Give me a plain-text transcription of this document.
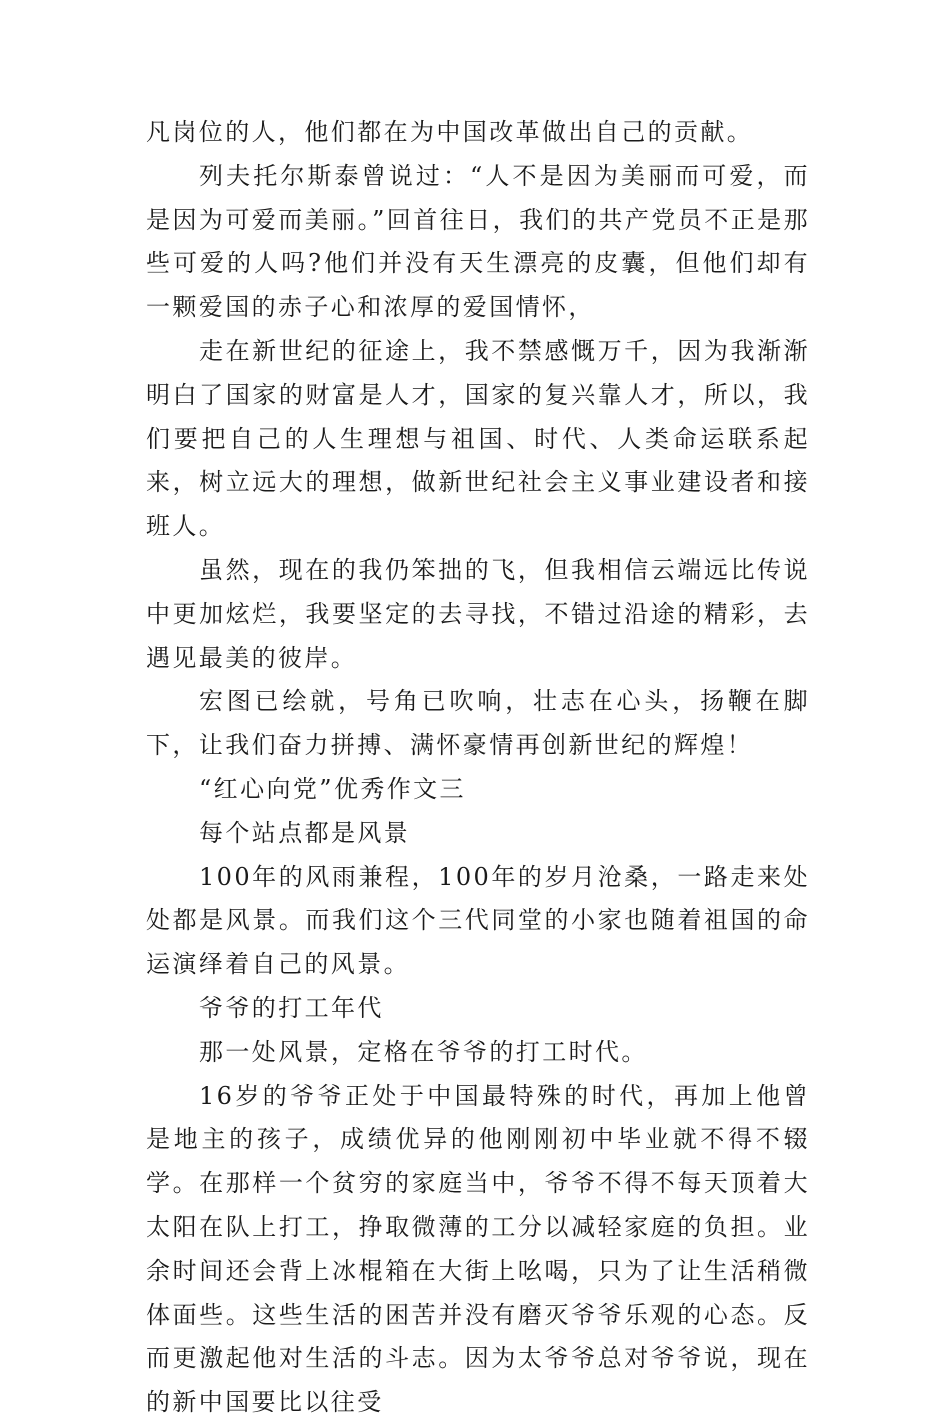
凡岗位的人，他们都在为中国改革做出自己的贡献。

列夫托尔斯泰曾说过：“人不是因为美丽而可爱，而是因为可爱而美丽。”回首往日，我们的共产党员不正是那些可爱的人吗?他们并没有天生漂亮的皮囊，但他们却有一颗爱国的赤子心和浓厚的爱国情怀，

走在新世纪的征途上，我不禁感慨万千，因为我渐渐明白了国家的财富是人才，国家的复兴靠人才，所以，我们要把自己的人生理想与祖国、时代、人类命运联系起来，树立远大的理想，做新世纪社会主义事业建设者和接班人。

虽然，现在的我仍笨拙的飞，但我相信云端远比传说中更加炫烂，我要坚定的去寻找，不错过沿途的精彩，去遇见最美的彼岸。

宏图已绘就，号角已吹响，壮志在心头，扬鞭在脚下，让我们奋力拼搏、满怀豪情再创新世纪的辉煌！

“红心向党”优秀作文三

每个站点都是风景

100年的风雨兼程，100年的岁月沧桑，一路走来处处都是风景。而我们这个三代同堂的小家也随着祖国的命运演绎着自己的风景。

爷爷的打工年代

那一处风景，定格在爷爷的打工时代。

16岁的爷爷正处于中国最特殊的时代，再加上他曾是地主的孩子，成绩优异的他刚刚初中毕业就不得不辍学。在那样一个贫穷的家庭当中，爷爷不得不每天顶着大太阳在队上打工，挣取微薄的工分以减轻家庭的负担。业余时间还会背上冰棍箱在大街上吆喝，只为了让生活稍微体面些。这些生活的困苦并没有磨灭爷爷乐观的心态。反而更激起他对生活的斗志。因为太爷爷总对爷爷说，现在的新中国要比以往受
